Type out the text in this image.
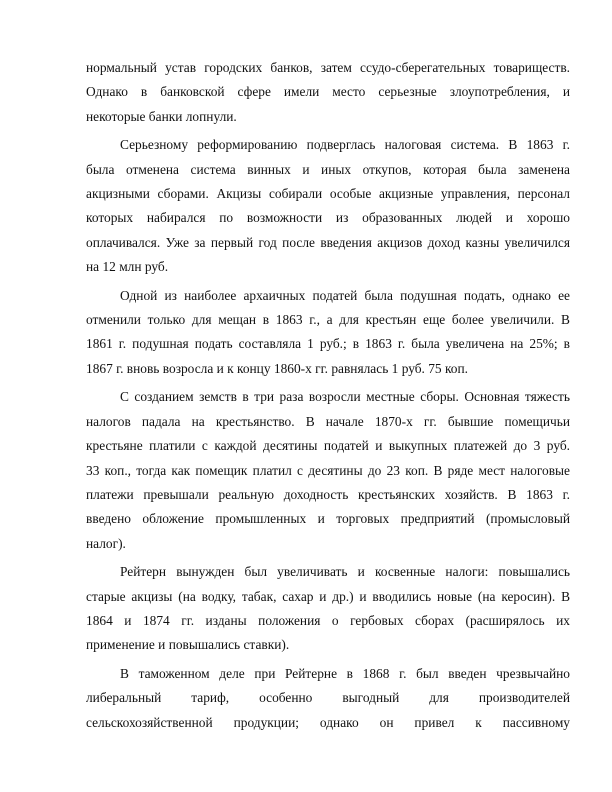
нормальный устав городских банков, затем ссудо-сберегательных товариществ.
Однако в банковской сфере имели место серьезные злоупотребления, и
некоторые банки лопнули.

Серьезному реформированию подверглась налоговая система. В 1863 г.
была отменена система винных и иных откупов, которая была заменена
акцизными сборами. Акцизы собирали особые акцизные управления, персонал
которых набирался по возможности из образованных людей и хорошо
оплачивался. Уже за первый год после введения акцизов доход казны увеличился
на 12 млн руб.

Одной из наиболее архаичных податей была подушная подать, однако ее
отменили только для мещан в 1863 г., а для крестьян еще более увеличили. В
1861 г. подушная подать составляла 1 руб.; в 1863 г. была увеличена на 25%; в
1867 г. вновь возросла и к концу 1860-х гг. равнялась 1 руб. 75 коп.

С созданием земств в три раза возросли местные сборы. Основная тяжесть
налогов падала на крестьянство. В начале 1870-х гг. бывшие помещичьи
крестьяне платили с каждой десятины податей и выкупных платежей до 3 руб.
33 коп., тогда как помещик платил с десятины до 23 коп. В ряде мест налоговые
платежи превышали реальную доходность крестьянских хозяйств. В 1863 г.
введено обложение промышленных и торговых предприятий (промысловый
налог).

Рейтерн вынужден был увеличивать и косвенные налоги: повышались
старые акцизы (на водку, табак, сахар и др.) и вводились новые (на керосин). В
1864 и 1874 гг. изданы положения о гербовых сборах (расширялось их
применение и повышались ставки).

В таможенном деле при Рейтерне в 1868 г. был введен чрезвычайно
либеральный тариф, особенно выгодный для производителей
сельскохозяйственной продукции; однако он привел к пассивному
